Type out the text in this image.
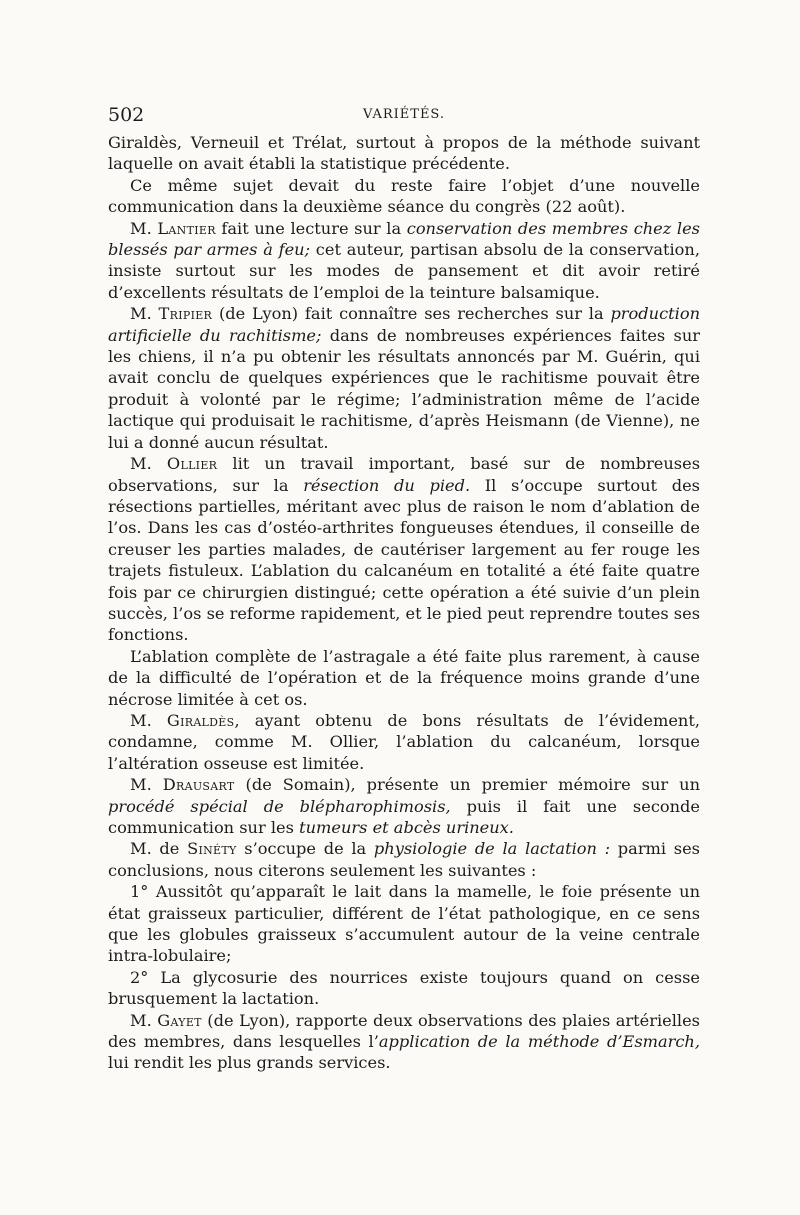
502	VARIÉTÉS.

Giraldès, Verneuil et Trélat, surtout à propos de la méthode suivant laquelle on avait établi la statistique précédente.

Ce même sujet devait du reste faire l’objet d’une nouvelle communication dans la deuxième séance du congrès (22 août).

M. Lantier fait une lecture sur la conservation des membres chez les blessés par armes à feu; cet auteur, partisan absolu de la conservation, insiste surtout sur les modes de pansement et dit avoir retiré d’excellents résultats de l’emploi de la teinture balsamique.

M. Tripier (de Lyon) fait connaître ses recherches sur la production artificielle du rachitisme; dans de nombreuses expériences faites sur les chiens, il n’a pu obtenir les résultats annoncés par M. Guérin, qui avait conclu de quelques expériences que le rachitisme pouvait être produit à volonté par le régime; l’administration même de l’acide lactique qui produisait le rachitisme, d’après Heismann (de Vienne), ne lui a donné aucun résultat.

M. Ollier lit un travail important, basé sur de nombreuses observations, sur la résection du pied. Il s’occupe surtout des résections partielles, méritant avec plus de raison le nom d’ablation de l’os. Dans les cas d’ostéo-arthrites fongueuses étendues, il conseille de creuser les parties malades, de cautériser largement au fer rouge les trajets fistuleux. L’ablation du calcanéum en totalité a été faite quatre fois par ce chirurgien distingué; cette opération a été suivie d’un plein succès, l’os se reforme rapidement, et le pied peut reprendre toutes ses fonctions.

L’ablation complète de l’astragale a été faite plus rarement, à cause de la difficulté de l’opération et de la fréquence moins grande d’une nécrose limitée à cet os.

M. Giraldès, ayant obtenu de bons résultats de l’évidement, condamne, comme M. Ollier, l’ablation du calcanéum, lorsque l’altération osseuse est limitée.

M. Drausart (de Somain), présente un premier mémoire sur un procédé spécial de blépharophimosis, puis il fait une seconde communication sur les tumeurs et abcès urineux.

M. de Sinéty s’occupe de la physiologie de la lactation : parmi ses conclusions, nous citerons seulement les suivantes :

1° Aussitôt qu’apparaît le lait dans la mamelle, le foie présente un état graisseux particulier, différent de l’état pathologique, en ce sens que les globules graisseux s’accumulent autour de la veine centrale intra-lobulaire;

2° La glycosurie des nourrices existe toujours quand on cesse brusquement la lactation.

M. Gayet (de Lyon), rapporte deux observations des plaies artérielles des membres, dans lesquelles l’application de la méthode d’Esmarch, lui rendit les plus grands services.
